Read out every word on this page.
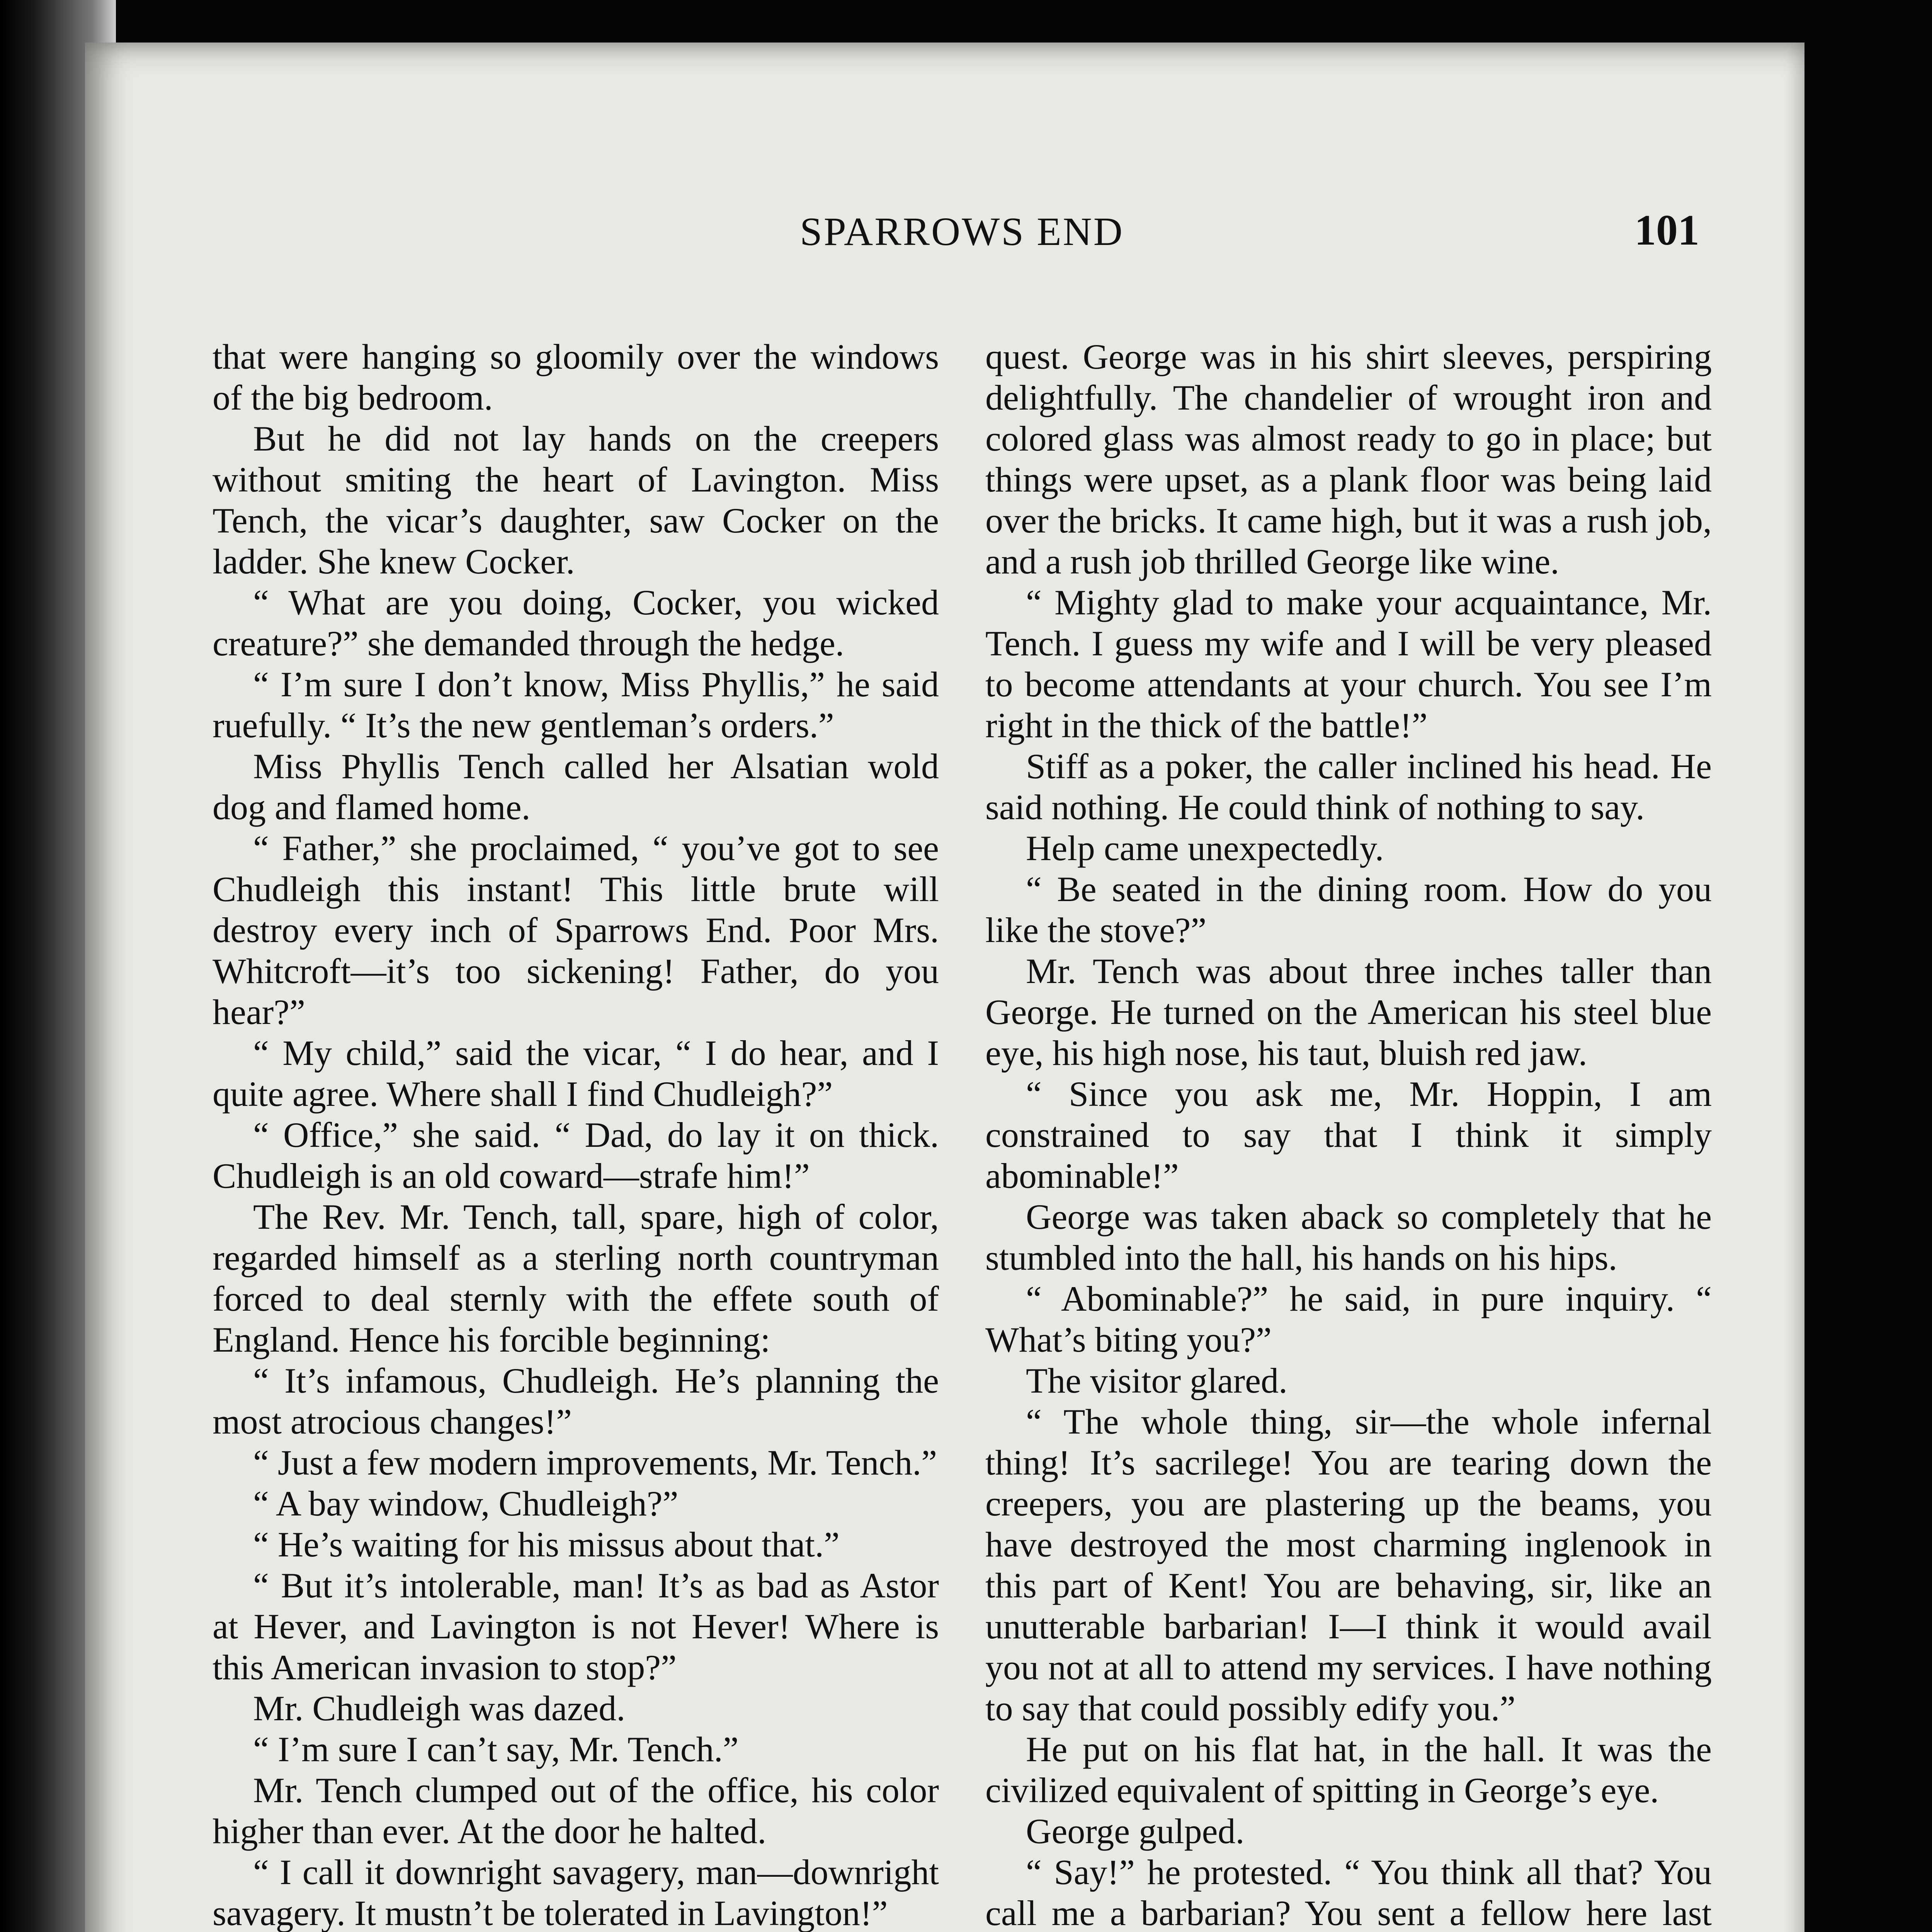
SPARROWS END	101

that were hanging so gloomily over the windows of the big bedroom.

But he did not lay hands on the creepers without smiting the heart of Lavington. Miss Tench, the vicar’s daughter, saw Cocker on the ladder. She knew Cocker.

“ What are you doing, Cocker, you wicked creature?” she demanded through the hedge.

“ I’m sure I don’t know, Miss Phyllis,” he said ruefully. “ It’s the new gentleman’s orders.”

Miss Phyllis Tench called her Alsatian wold dog and flamed home.

“ Father,” she proclaimed, “ you’ve got to see Chudleigh this instant! This little brute will destroy every inch of Sparrows End. Poor Mrs. Whitcroft—it’s too sickening! Father, do you hear?”

“ My child,” said the vicar, “ I do hear, and I quite agree. Where shall I find Chudleigh?”

“ Office,” she said. “ Dad, do lay it on thick. Chudleigh is an old coward—strafe him!”

The Rev. Mr. Tench, tall, spare, high of color, regarded himself as a sterling north countryman forced to deal sternly with the effete south of England. Hence his forcible beginning:

“ It’s infamous, Chudleigh. He’s planning the most atrocious changes!”

“ Just a few modern improvements, Mr. Tench.”

“ A bay window, Chudleigh?”

“ He’s waiting for his missus about that.”

“ But it’s intolerable, man! It’s as bad as Astor at Hever, and Lavington is not Hever! Where is this American invasion to stop?”

Mr. Chudleigh was dazed.

“ I’m sure I can’t say, Mr. Tench.”

Mr. Tench clumped out of the office, his color higher than ever. At the door he halted.

“ I call it downright savagery, man—downright savagery. It mustn’t be tolerated in Lavington!”

quest. George was in his shirt sleeves, perspiring delightfully. The chandelier of wrought iron and colored glass was almost ready to go in place; but things were upset, as a plank floor was being laid over the bricks. It came high, but it was a rush job, and a rush job thrilled George like wine.

“ Mighty glad to make your acquaintance, Mr. Tench. I guess my wife and I will be very pleased to become attendants at your church. You see I’m right in the thick of the battle!”

Stiff as a poker, the caller inclined his head. He said nothing. He could think of nothing to say.

Help came unexpectedly.

“ Be seated in the dining room. How do you like the stove?”

Mr. Tench was about three inches taller than George. He turned on the American his steel blue eye, his high nose, his taut, bluish red jaw.

“ Since you ask me, Mr. Hoppin, I am constrained to say that I think it simply abominable!”

George was taken aback so completely that he stumbled into the hall, his hands on his hips.

“ Abominable?” he said, in pure inquiry. “ What’s biting you?”

The visitor glared.

“ The whole thing, sir—the whole infernal thing! It’s sacrilege! You are tearing down the creepers, you are plastering up the beams, you have destroyed the most charming inglenook in this part of Kent! You are behaving, sir, like an unutterable barbarian! I—I think it would avail you not at all to attend my services. I have nothing to say that could possibly edify you.”

He put on his flat hat, in the hall. It was the civilized equivalent of spitting in George’s eye.

George gulped.

“ Say!” he protested. “ You think all that? You call me a barbarian? You sent a fellow here last
